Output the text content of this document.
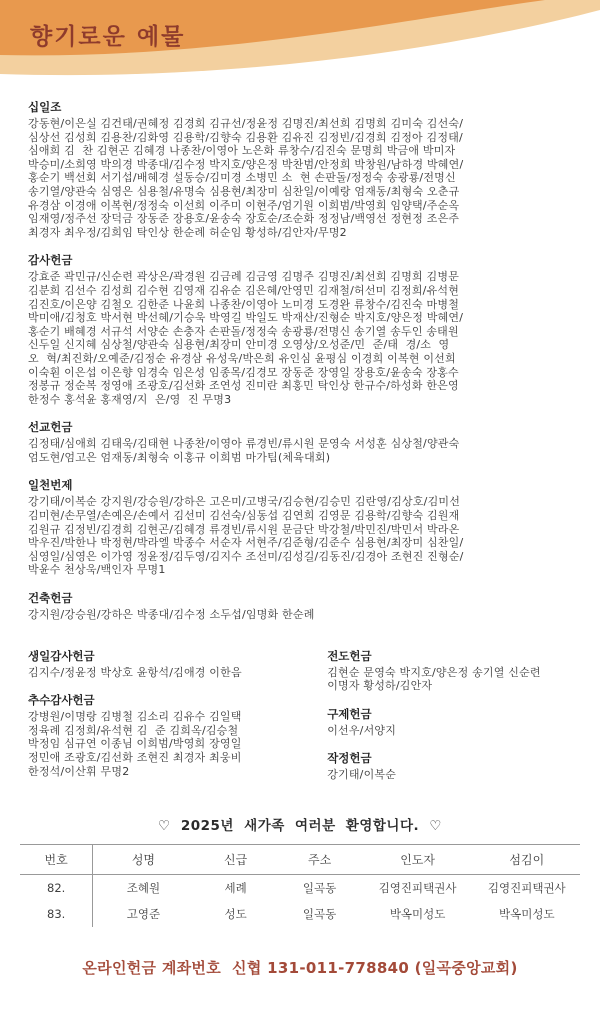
향기로운 예물
십일조
강동현/이은실 김건태/권혜정 김경희 김규선/정윤정 김명진/최선희 김명희 김미숙 김선숙/
심상선 김성희 김용찬/김화영 김용학/김향숙 김용환 김유진 김정빈/김경희 김정아 김정태/
심애희 김  찬 김현곤 김혜경 나종찬/이영아 노은화 류창수/김진숙 문명희 박금애 박미자
박승미/소희영 박의경 박종대/김수정 박지호/양은정 박찬범/안정희 박창원/남하경 박혜연/
홍순기 백선회 서기섭/배혜경 설동승/김미경 소병민 소  현 손판돌/정정숙 송광룡/전명신
송기열/양관숙 심영은 심용철/유명숙 심용현/최장미 심찬일/이예랑 엄재동/최형숙 오춘규
유경삼 이경애 이복현/정정숙 이선희 이주미 이현주/엄기원 이희범/박영희 임양택/주순옥
임재영/정주선 장덕금 장동준 장용호/윤송숙 장호순/조순화 정정남/백영선 정현정 조은주
최경자 최우정/김희임 탁인상 한순례 허순임 황성하/김안자/무명2
감사헌금
강효준 곽민규/신순련 곽상은/곽경원 김금례 김금영 김명주 김명진/최선희 김명희 김병문
김분희 김선수 김성희 김수현 김영재 김유순 김은혜/안영민 김재철/허선미 김정희/유석현
김진호/이은양 김철오 김한준 나윤희 나종찬/이영아 노미경 도경완 류창수/김진숙 마병철
박미애/김청호 박서현 박선혜/기승욱 박영길 박일도 박재산/진형순 박지호/양은정 박혜연/
홍순기 배혜경 서규석 서양순 손충자 손판돌/정정숙 송광룡/전명신 송기열 송두인 송태원
신두일 신지혜 심상철/양관숙 심용현/최장미 안미경 오영상/오성준/민  준/태  경/소  영
오  혁/최진화/오예준/김정순 유경삼 유성욱/박은희 유인심 윤평심 이경희 이복현 이선희
이숙훤 이은섭 이은향 임경숙 임은성 임종목/김경모 장동준 장영일 장용호/윤송숙 장홍수
정봉규 정순복 정영애 조광호/김선화 조연성 진미란 최홍민 탁인상 한규수/하성화 한은영
한정수 홍석윤 홍재영/지  은/영  진 무명3
선교헌금
김정태/심애희 김태욱/김태현 나종찬/이영아 류경빈/류시원 문영숙 서성훈 심상철/양관숙
엄도현/엄고은 엄재동/최형숙 이홍규 이희범 마가팀(체육대회)
일천번제
강기태/이복순 강지원/강승원/강하은 고은미/고병국/김승현/김승민 김란영/김상호/김미선
김미현/손무열/손예은/손예서 김선미 김선숙/심동섭 김연희 김영문 김용학/김향숙 김원재
김원규 김정빈/김경희 김현곤/김혜경 류경빈/류시원 문금단 박강철/박민진/박민서 박라온
박우진/박한나 박정현/박라엘 박종수 서순자 서현주/김준형/김준수 심용현/최장미 심찬일/
심영일/심영은 이가영 정윤정/김두영/김지수 조선미/김성길/김동진/김경아 조현진 진형순/
박윤수 천상욱/백인자 무명1
건축헌금
강지원/강승원/강하은 박종대/김수정 소두섭/임명화 한순례
생일감사헌금
김지수/정윤정 박상호 윤항석/김애경 이한음
추수감사헌금
강병원/이명랑 김병철 김소리 김유수 김일택
정육례 김정희/유석현 김  준 김희옥/김승철
박정임 심규연 이종님 이희범/박영희 장영일
정민애 조광호/김선화 조현진 최경자 최웅비
한정석/이산휘 무명2
전도헌금
김현순 문영숙 박지호/양은정 송기열 신순련
이명자 황성하/김안자
구제헌금
이선우/서양지
작정헌금
강기태/이복순
♡ 2025년 새가족 여러분 환영합니다. ♡
번호	성명	신급	주소	인도자	섬김이
82.	조혜원	세례	일곡동	김영진피택권사	김영진피택권사
83.	고영준	성도	일곡동	박옥미성도	박옥미성도
온라인헌금 계좌번호  신협 131-011-778840 (일곡중앙교회)
